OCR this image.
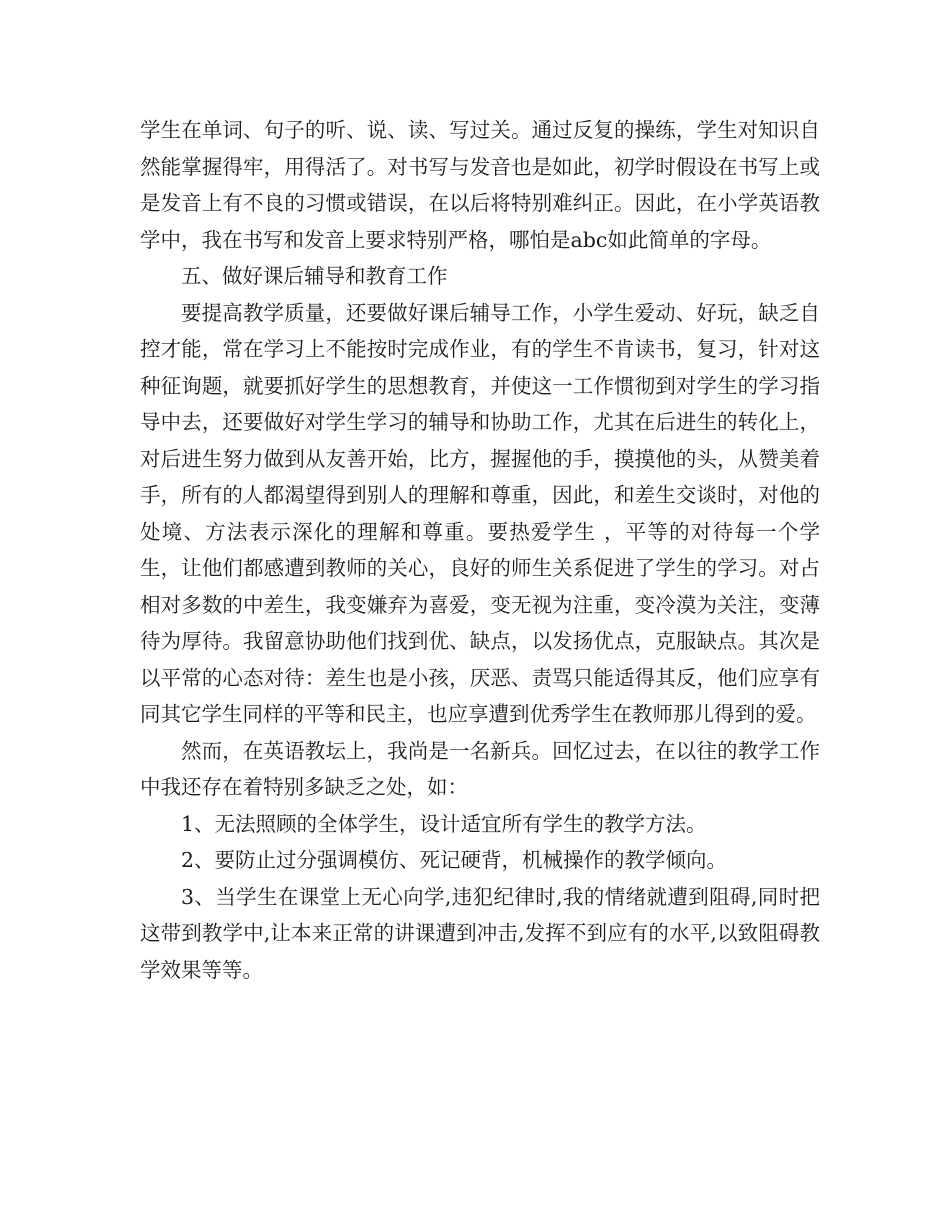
学生在单词、句子的听、说、读、写过关。通过反复的操练，学生对知识自然能掌握得牢，用得活了。对书写与发音也是如此，初学时假设在书写上或是发音上有不良的习惯或错误，在以后将特别难纠正。因此，在小学英语教学中，我在书写和发音上要求特别严格，哪怕是abc如此简单的字母。

五、做好课后辅导和教育工作

要提高教学质量，还要做好课后辅导工作，小学生爱动、好玩，缺乏自控才能，常在学习上不能按时完成作业，有的学生不肯读书，复习，针对这种征询题，就要抓好学生的思想教育，并使这一工作惯彻到对学生的学习指导中去，还要做好对学生学习的辅导和协助工作，尤其在后进生的转化上，对后进生努力做到从友善开始，比方，握握他的手，摸摸他的头，从赞美着手，所有的人都渴望得到别人的理解和尊重，因此，和差生交谈时，对他的处境、方法表示深化的理解和尊重。要热爱学生 ，平等的对待每一个学生，让他们都感遭到教师的关心，良好的师生关系促进了学生的学习。对占相对多数的中差生，我变嫌弃为喜爱，变无视为注重，变冷漠为关注，变薄待为厚待。我留意协助他们找到优、缺点，以发扬优点，克服缺点。其次是以平常的心态对待：差生也是小孩，厌恶、责骂只能适得其反，他们应享有同其它学生同样的平等和民主，也应享遭到优秀学生在教师那儿得到的爱。

然而，在英语教坛上，我尚是一名新兵。回忆过去，在以往的教学工作中我还存在着特别多缺乏之处，如：

1、无法照顾的全体学生，设计适宜所有学生的教学方法。

2、要防止过分强调模仿、死记硬背，机械操作的教学倾向。

3、当学生在课堂上无心向学,违犯纪律时,我的情绪就遭到阻碍,同时把这带到教学中,让本来正常的讲课遭到冲击,发挥不到应有的水平,以致阻碍教学效果等等。
